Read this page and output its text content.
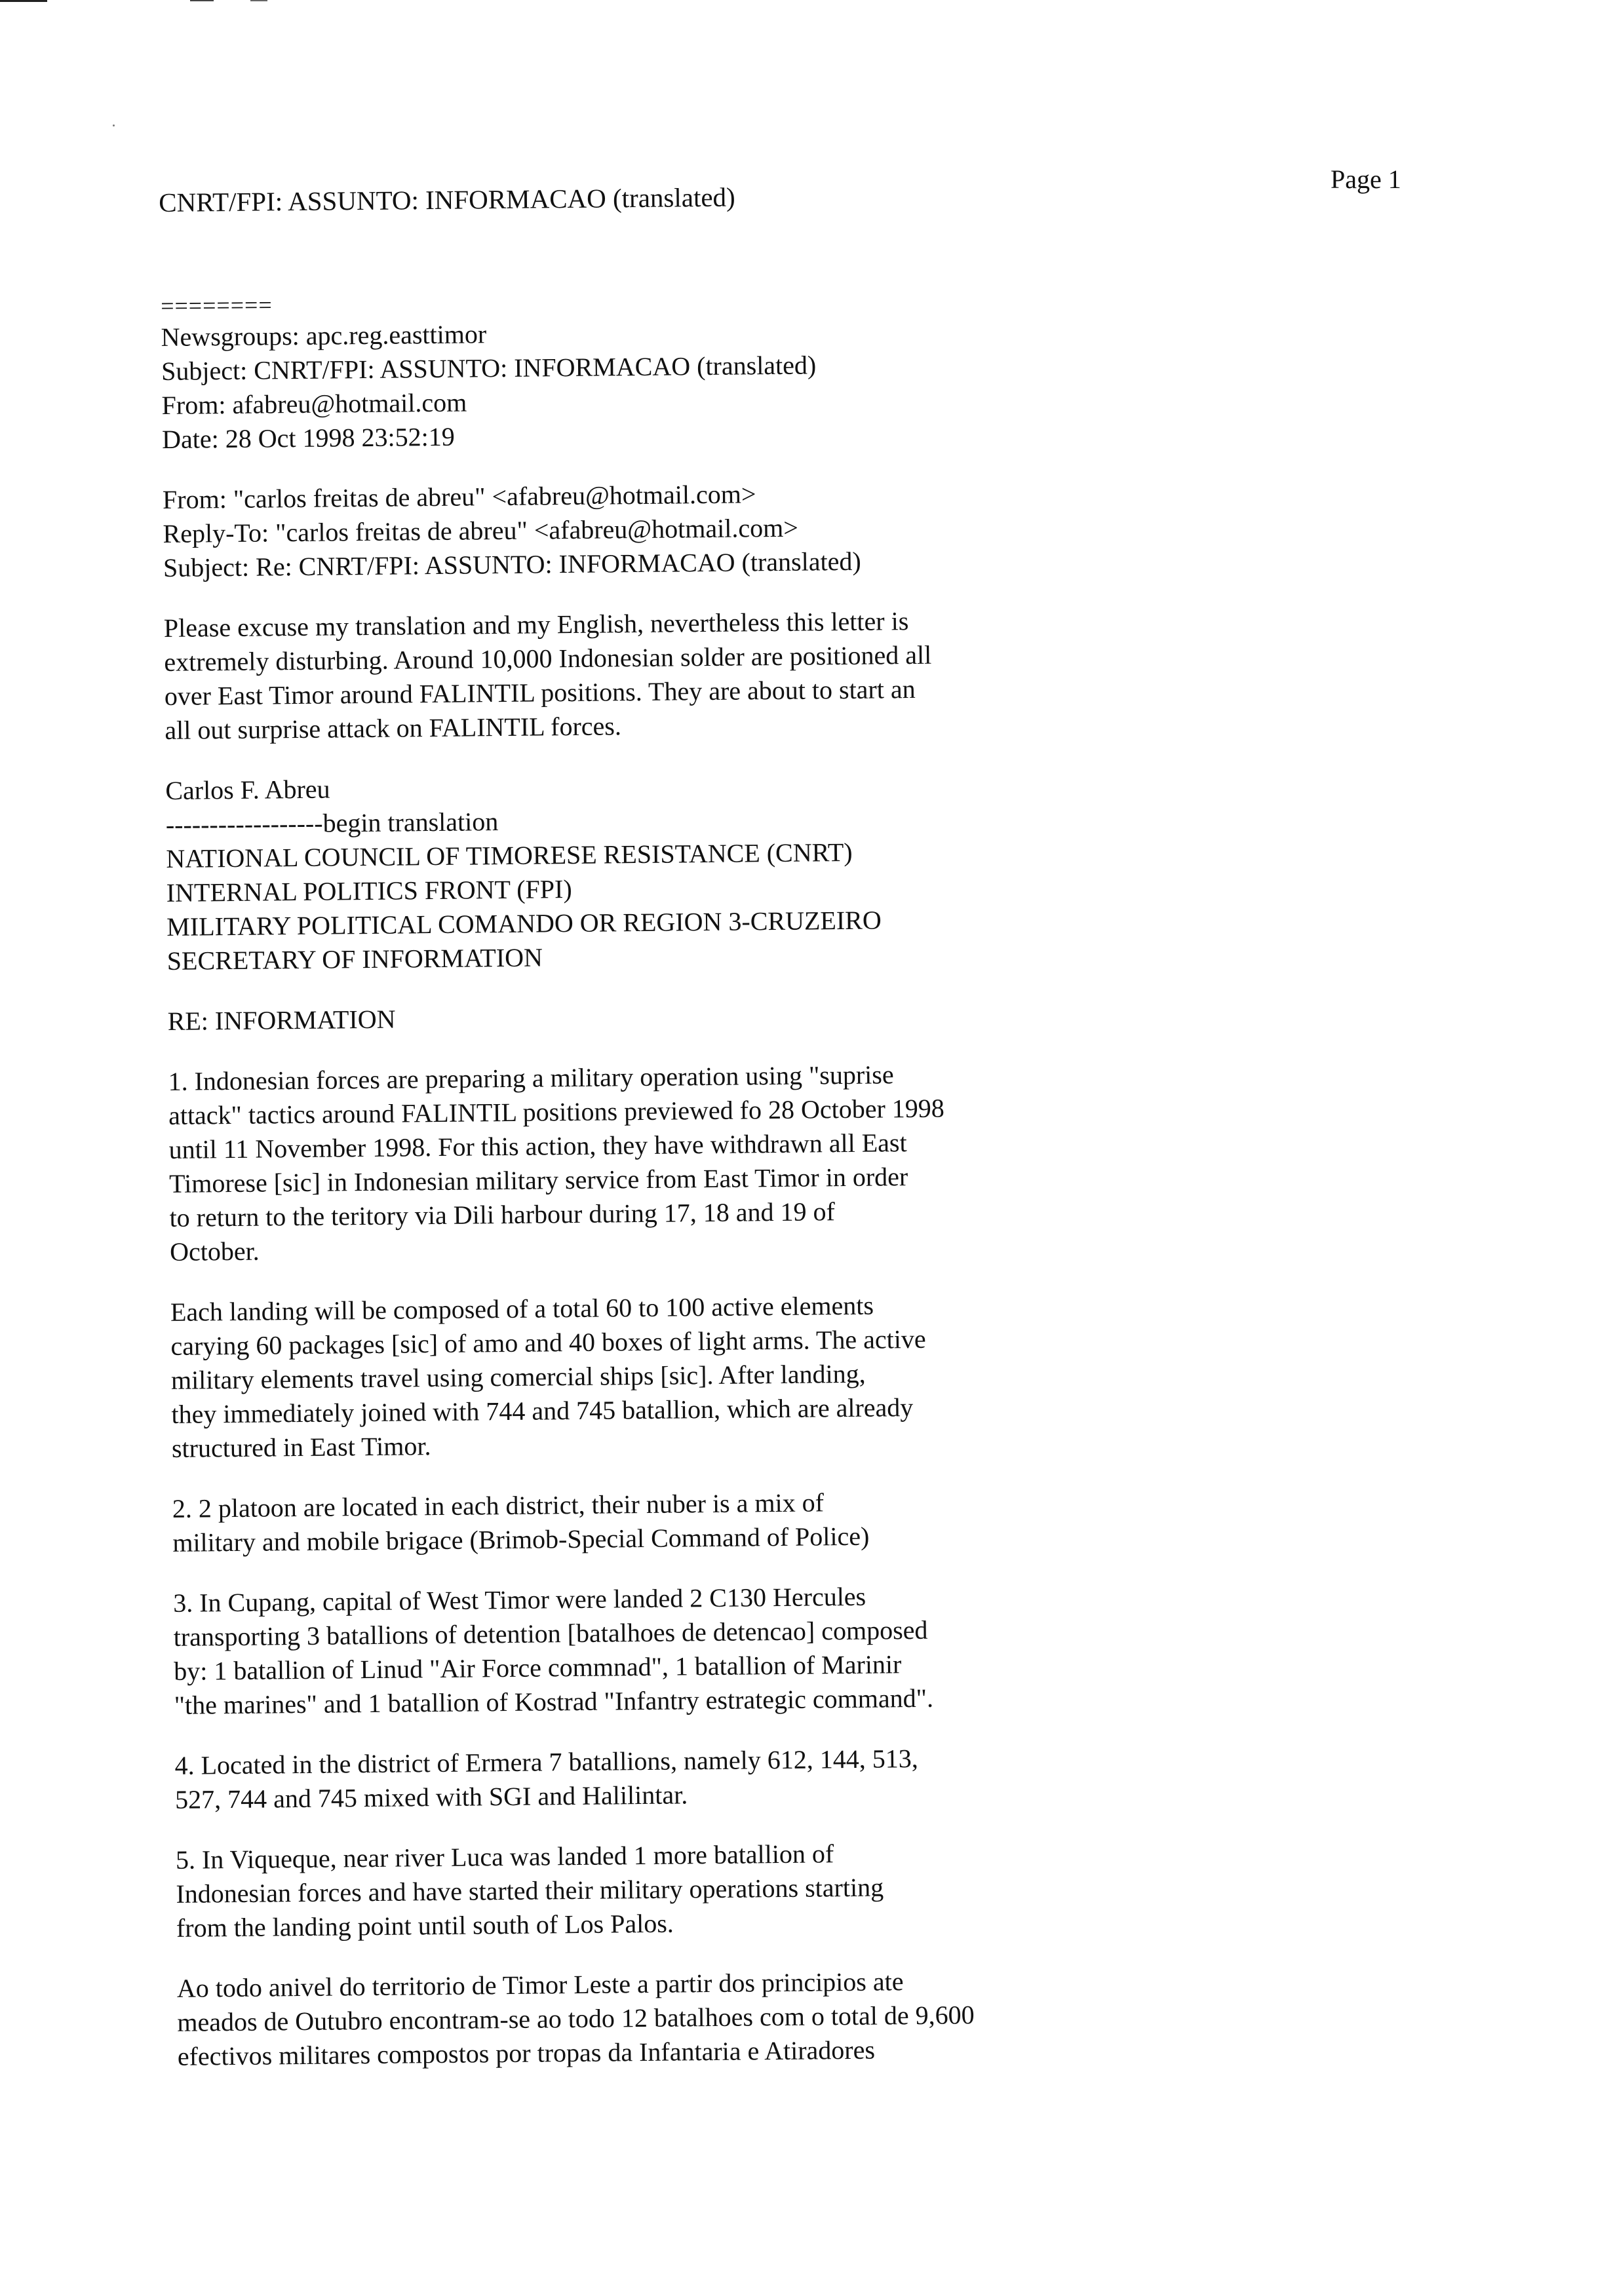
Page 1
CNRT/FPI: ASSUNTO: INFORMACAO (translated)
========
Newsgroups: apc.reg.easttimor
Subject: CNRT/FPI: ASSUNTO: INFORMACAO (translated)
From: afabreu@hotmail.com
Date: 28 Oct 1998 23:52:19
From: "carlos freitas de abreu" <afabreu@hotmail.com>
Reply-To: "carlos freitas de abreu" <afabreu@hotmail.com>
Subject: Re: CNRT/FPI: ASSUNTO: INFORMACAO (translated)
Please excuse my translation and my English, nevertheless this letter is
extremely disturbing. Around 10,000 Indonesian solder are positioned all
over East Timor around FALINTIL positions. They are about to start an
all out surprise attack on FALINTIL forces.
Carlos F. Abreu
------------------begin translation
NATIONAL COUNCIL OF TIMORESE RESISTANCE (CNRT)
INTERNAL POLITICS FRONT (FPI)
MILITARY POLITICAL COMANDO OR REGION 3-CRUZEIRO
SECRETARY OF INFORMATION
RE: INFORMATION
1. Indonesian forces are preparing a military operation using "suprise
attack" tactics around FALINTIL positions previewed fo 28 October 1998
until 11 November 1998. For this action, they have withdrawn all East
Timorese [sic] in Indonesian military service from East Timor in order
to return to the teritory via Dili harbour during 17, 18 and 19 of
October.
Each landing will be composed of a total 60 to 100 active elements
carying 60 packages [sic] of amo and 40 boxes of light arms. The active
military elements travel using comercial ships [sic]. After landing,
they immediately joined with 744 and 745 batallion, which are already
structured in East Timor.
2. 2 platoon are located in each district, their nuber is a mix of
military and mobile brigace (Brimob-Special Command of Police)
3. In Cupang, capital of West Timor were landed 2 C130 Hercules
transporting 3 batallions of detention [batalhoes de detencao] composed
by: 1 batallion of Linud "Air Force commnad", 1 batallion of Marinir
"the marines" and 1 batallion of Kostrad "Infantry estrategic command".
4. Located in the district of Ermera 7 batallions, namely 612, 144, 513,
527, 744 and 745 mixed with SGI and Halilintar.
5. In Viqueque, near river Luca was landed 1 more batallion of
Indonesian forces and have started their military operations starting
from the landing point until south of Los Palos.
Ao todo anivel do territorio de Timor Leste a partir dos principios ate
meados de Outubro encontram-se ao todo 12 batalhoes com o total de 9,600
efectivos militares compostos por tropas da Infantaria e Atiradores
